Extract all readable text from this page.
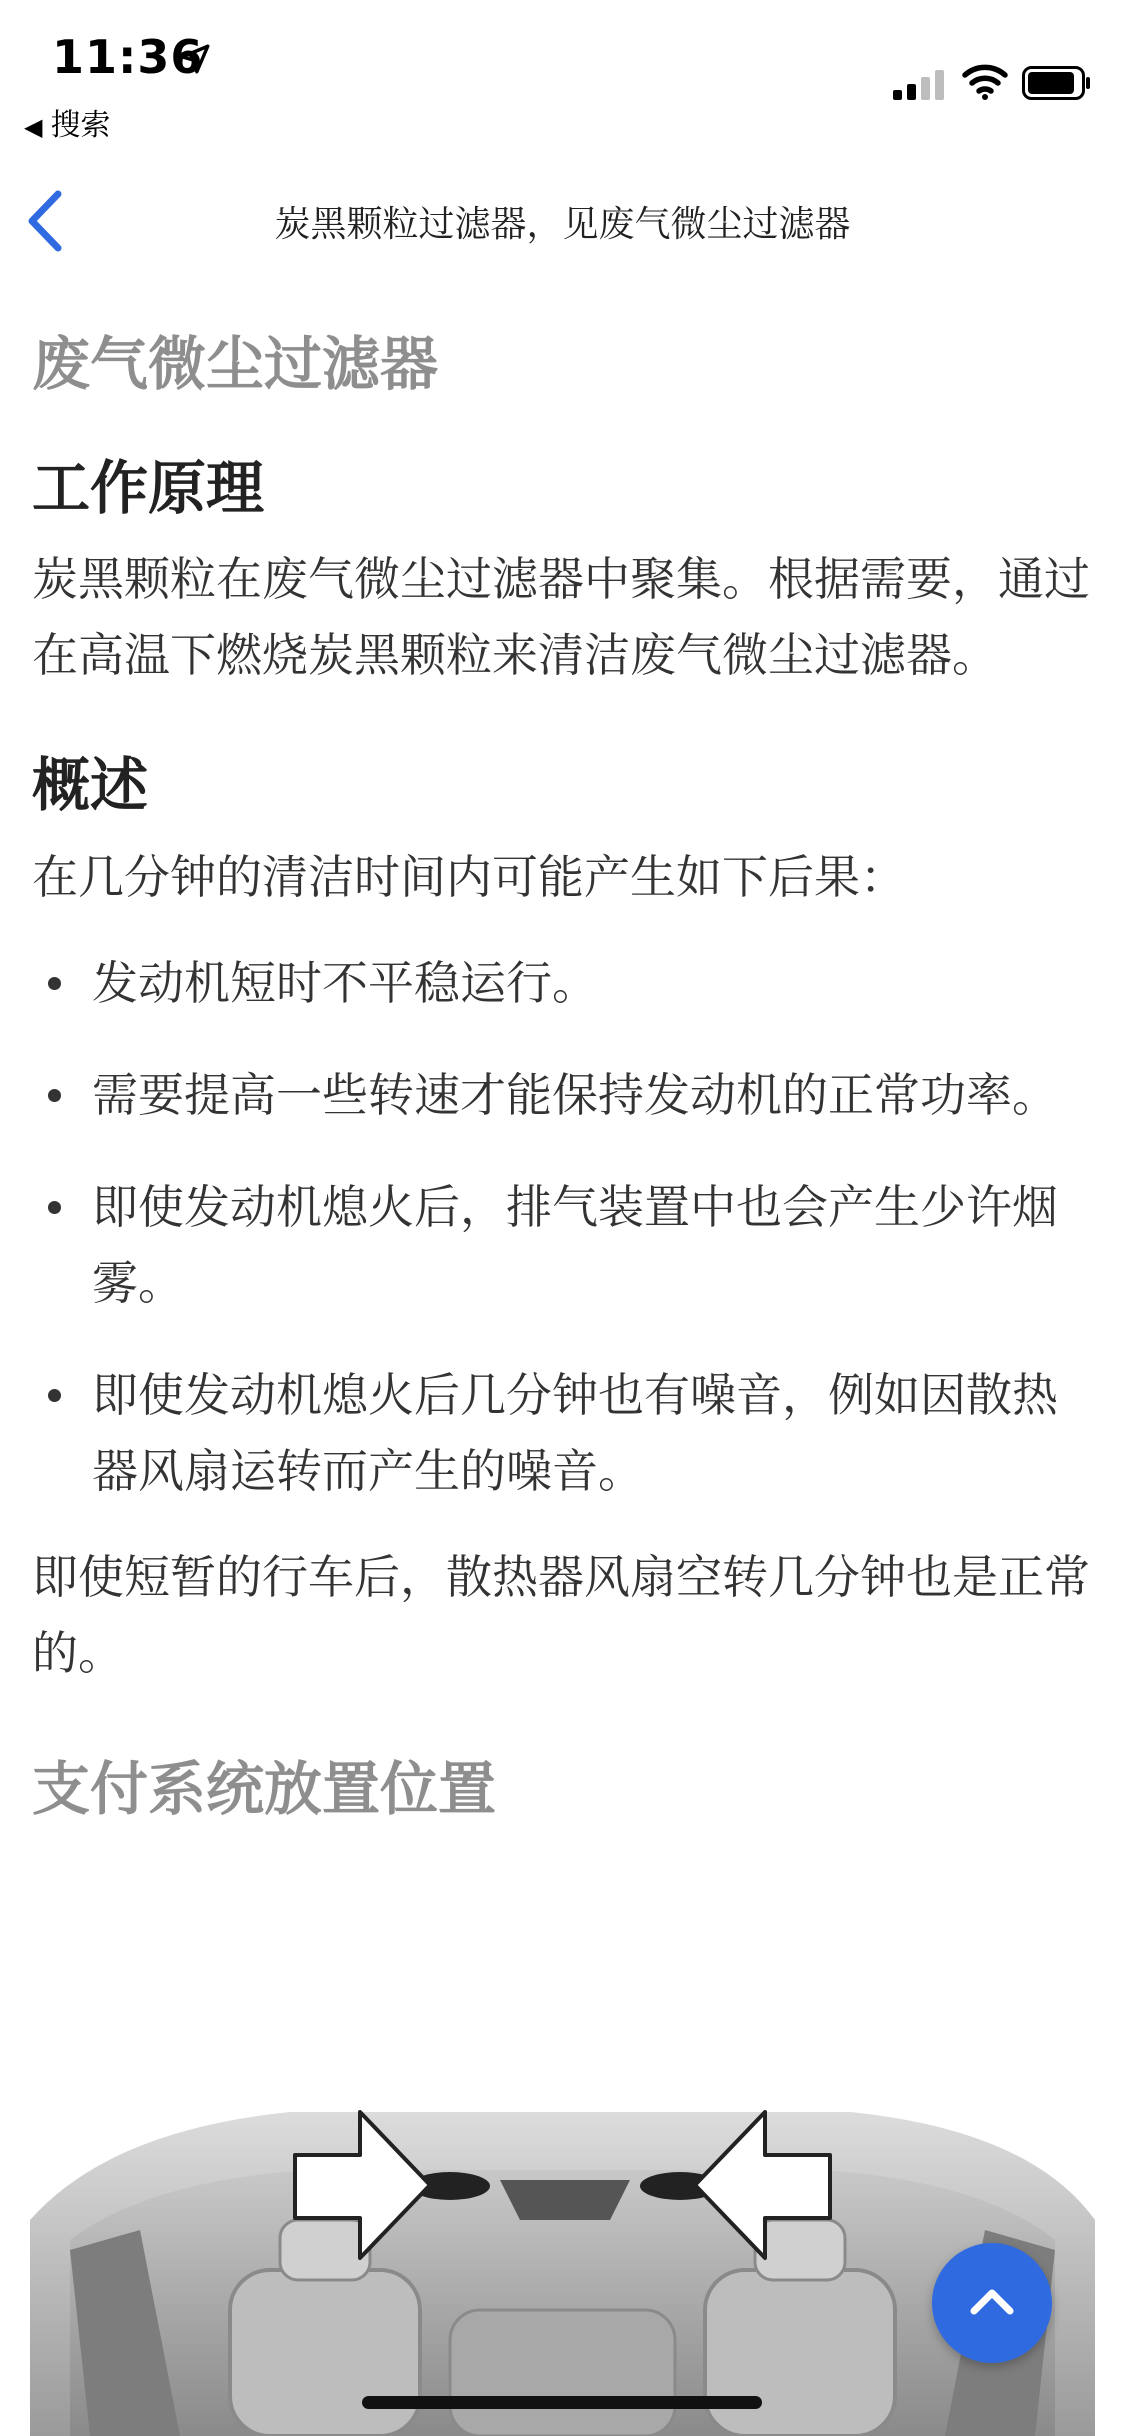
11:36
◀ 搜索
炭黑颗粒过滤器，见废气微尘过滤器
废气微尘过滤器
工作原理

炭黑颗粒在废气微尘过滤器中聚集。根据需要，通过在高温下燃烧炭黑颗粒来清洁废气微尘过滤器。

概述

在几分钟的清洁时间内可能产生如下后果：

发动机短时不平稳运行。
需要提高一些转速才能保持发动机的正常功率。
即使发动机熄火后，排气装置中也会产生少许烟雾。
即使发动机熄火后几分钟也有噪音，例如因散热器风扇运转而产生的噪音。

即使短暂的行车后，散热器风扇空转几分钟也是正常的。

支付系统放置位置
